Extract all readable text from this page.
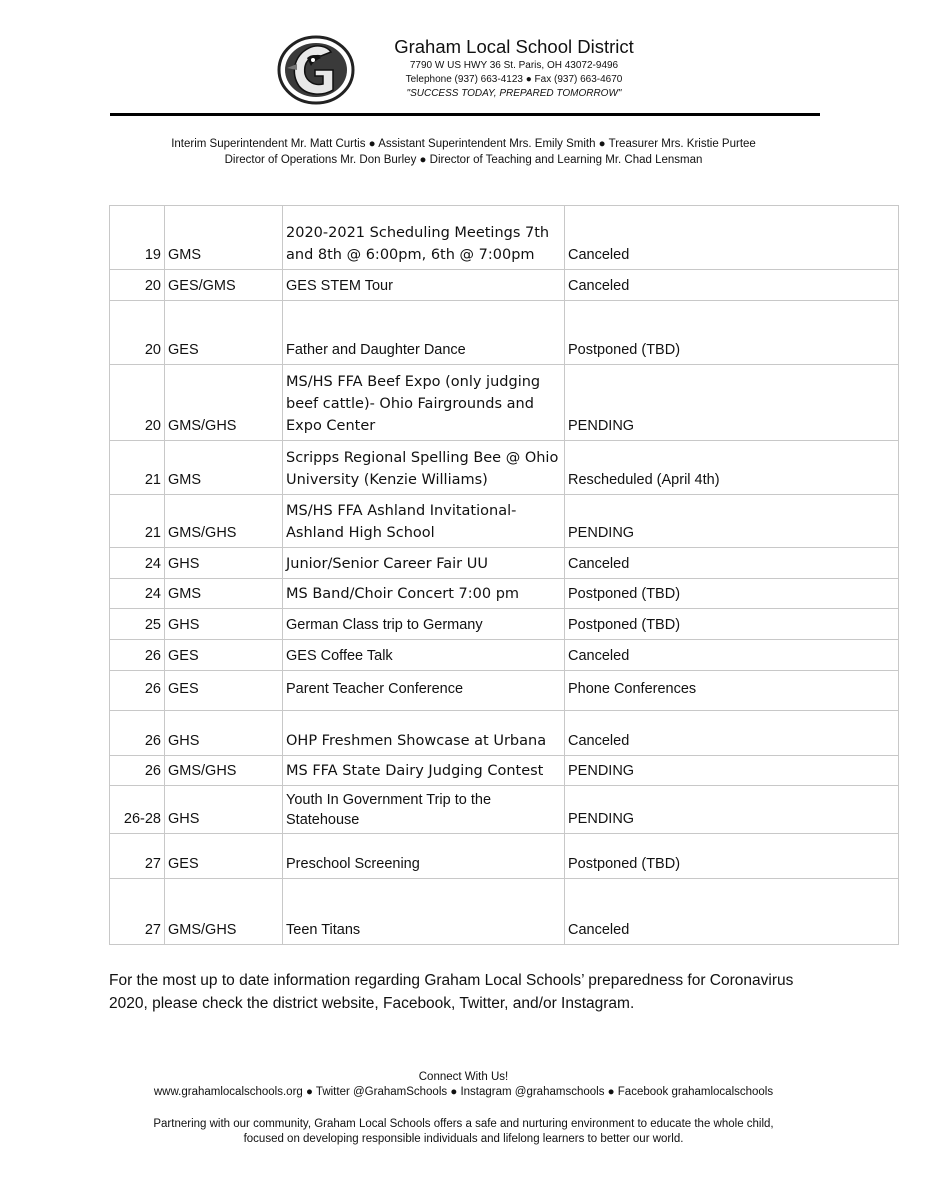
Graham Local School District
7790 W US HWY 36 St. Paris, OH 43072-9496
Telephone (937) 663-4123 ● Fax (937) 663-4670
"SUCCESS TODAY, PREPARED TOMORROW"
Interim Superintendent Mr. Matt Curtis ● Assistant Superintendent Mrs. Emily Smith ● Treasurer Mrs. Kristie Purtee
Director of Operations Mr. Don Burley ● Director of Teaching and Learning Mr. Chad Lensman
19	GMS	2020-2021 Scheduling Meetings 7th and 8th @ 6:00pm, 6th @ 7:00pm	Canceled
20	GES/GMS	GES STEM Tour	Canceled
20	GES	Father and Daughter Dance	Postponed (TBD)
20	GMS/GHS	MS/HS FFA Beef Expo (only judging beef cattle)- Ohio Fairgrounds and Expo Center	PENDING
21	GMS	Scripps Regional Spelling Bee @ Ohio University (Kenzie Williams)	Rescheduled (April 4th)
21	GMS/GHS	MS/HS FFA Ashland Invitational- Ashland High School	PENDING
24	GHS	Junior/Senior Career Fair UU	Canceled
24	GMS	MS Band/Choir Concert 7:00 pm	Postponed (TBD)
25	GHS	German Class trip to Germany	Postponed (TBD)
26	GES	GES Coffee Talk	Canceled
26	GES	Parent Teacher Conference	Phone Conferences
26	GHS	OHP Freshmen Showcase at Urbana	Canceled
26	GMS/GHS	MS FFA State Dairy Judging Contest	PENDING
26-28	GHS	Youth In Government Trip to the Statehouse	PENDING
27	GES	Preschool Screening	Postponed (TBD)
27	GMS/GHS	Teen Titans	Canceled
For the most up to date information regarding Graham Local Schools’ preparedness for Coronavirus 2020, please check the district website, Facebook, Twitter, and/or Instagram.
Connect With Us!
www.grahamlocalschools.org ● Twitter @GrahamSchools ● Instagram @grahamschools ● Facebook grahamlocalschools
Partnering with our community, Graham Local Schools offers a safe and nurturing environment to educate the whole child,
focused on developing responsible individuals and lifelong learners to better our world.
